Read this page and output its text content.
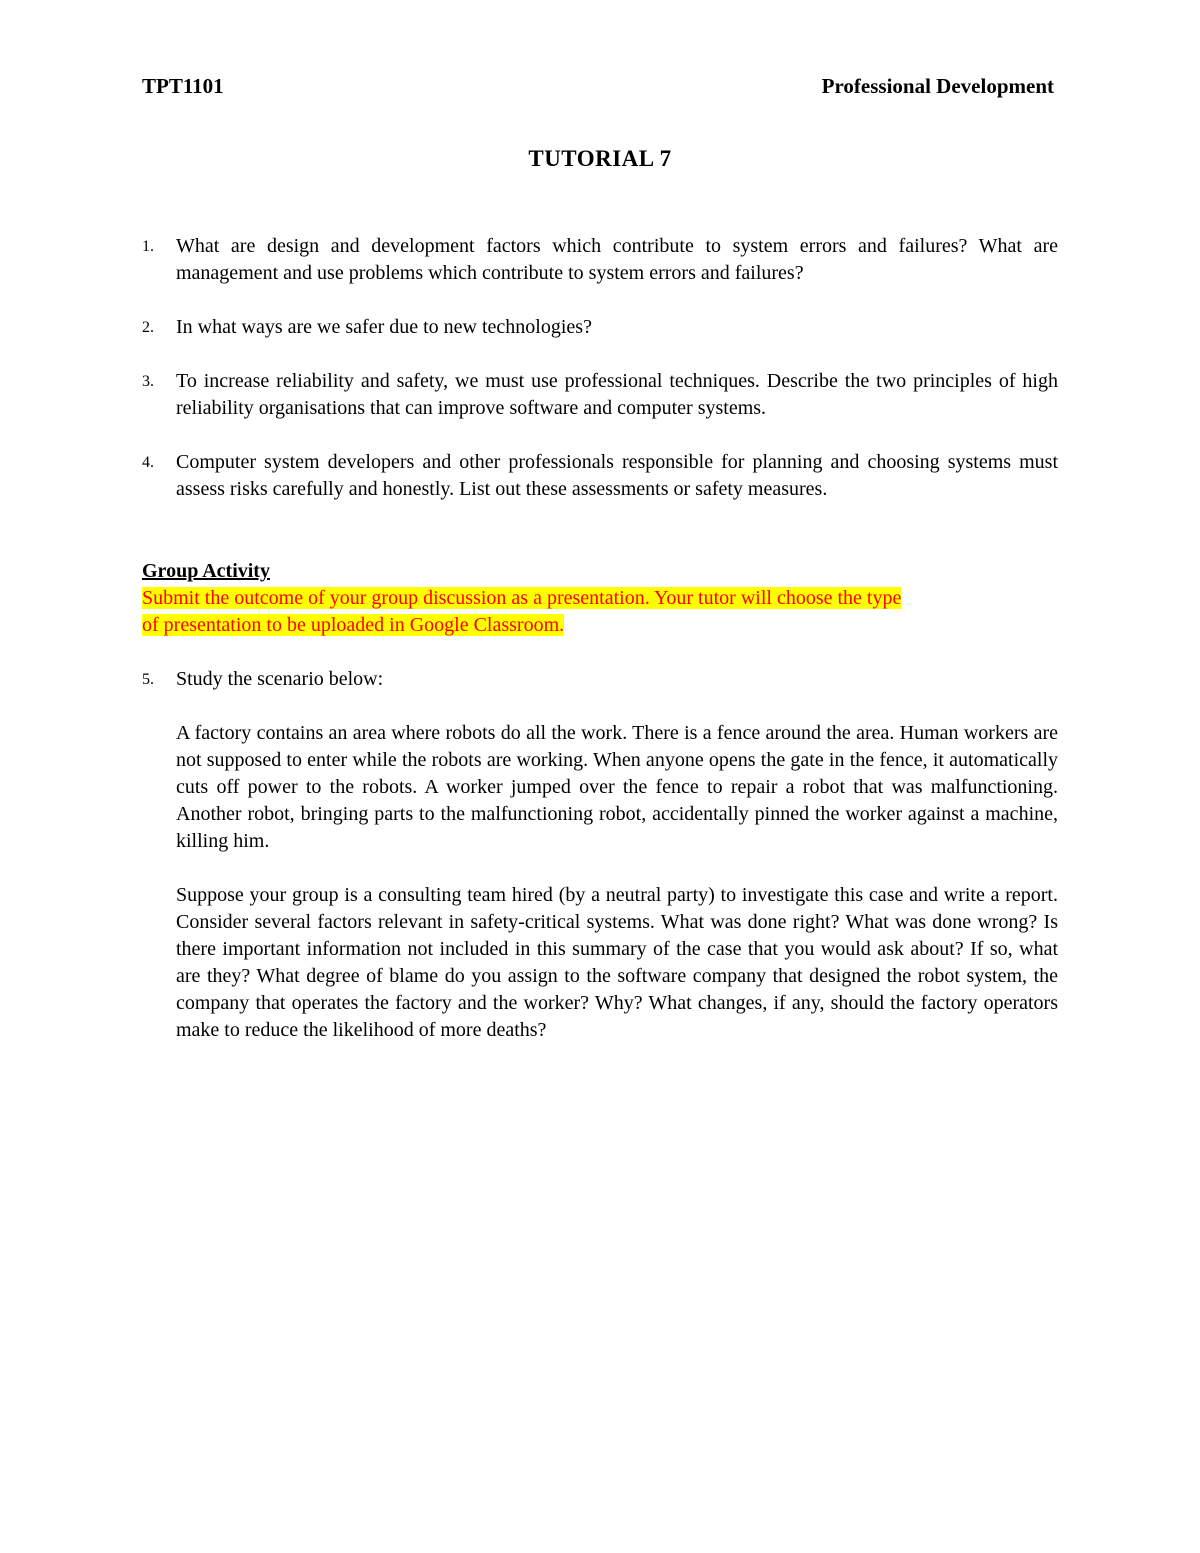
TPT1101	Professional Development
TUTORIAL 7
1.	What are design and development factors which contribute to system errors and failures? What are management and use problems which contribute to system errors and failures?
2.	In what ways are we safer due to new technologies?
3.	To increase reliability and safety, we must use professional techniques. Describe the two principles of high reliability organisations that can improve software and computer systems.
4.	Computer system developers and other professionals responsible for planning and choosing systems must assess risks carefully and honestly. List out these assessments or safety measures.
Group Activity
Submit the outcome of your group discussion as a presentation. Your tutor will choose the type
of presentation to be uploaded in Google Classroom.
5.	Study the scenario below:
A factory contains an area where robots do all the work. There is a fence around the area. Human workers are not supposed to enter while the robots are working. When anyone opens the gate in the fence, it automatically cuts off power to the robots. A worker jumped over the fence to repair a robot that was malfunctioning. Another robot, bringing parts to the malfunctioning robot, accidentally pinned the worker against a machine, killing him.
Suppose your group is a consulting team hired (by a neutral party) to investigate this case and write a report. Consider several factors relevant in safety-critical systems. What was done right? What was done wrong? Is there important information not included in this summary of the case that you would ask about? If so, what are they? What degree of blame do you assign to the software company that designed the robot system, the company that operates the factory and the worker? Why? What changes, if any, should the factory operators make to reduce the likelihood of more deaths?
